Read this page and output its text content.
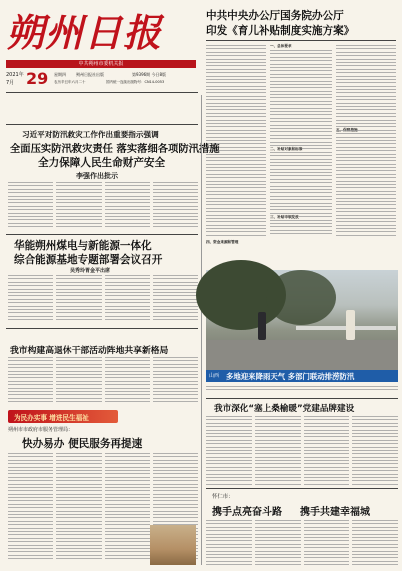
朔州日报
中共朔州市委机关报
2021年
7月 29 星期四	朔州日报社出版	第9396期 今日8版
农历辛丑年六月二十	国内统一连续出版物号：CN14-0053
中共中央办公厅国务院办公厅
印发《育儿补贴制度实施方案》
一、总体要求
二、补贴对象和标准
三、补贴申领发放
四、资金来源和管理
习近平对防汛救灾工作作出重要指示强调
全面压实防汛救灾责任 落实落细各项防汛措施
全力保障人民生命财产安全
李强作出批示
华能朔州煤电与新能源一体化
综合能源基地专题部署会议召开
吴秀玲胃金平出席
我市构建高退休干部活动阵地共享新格局
为民办实事 增进民生福祉
朔州市市政府市服务管理局：
快办易办 便民服务再提速
山西 多地迎来降雨天气 多部门联动排涝防汛
我市深化“塞上桑榆暖”党建品牌建设
怀仁市：
携手点亮奋斗路 携手共建幸福城
